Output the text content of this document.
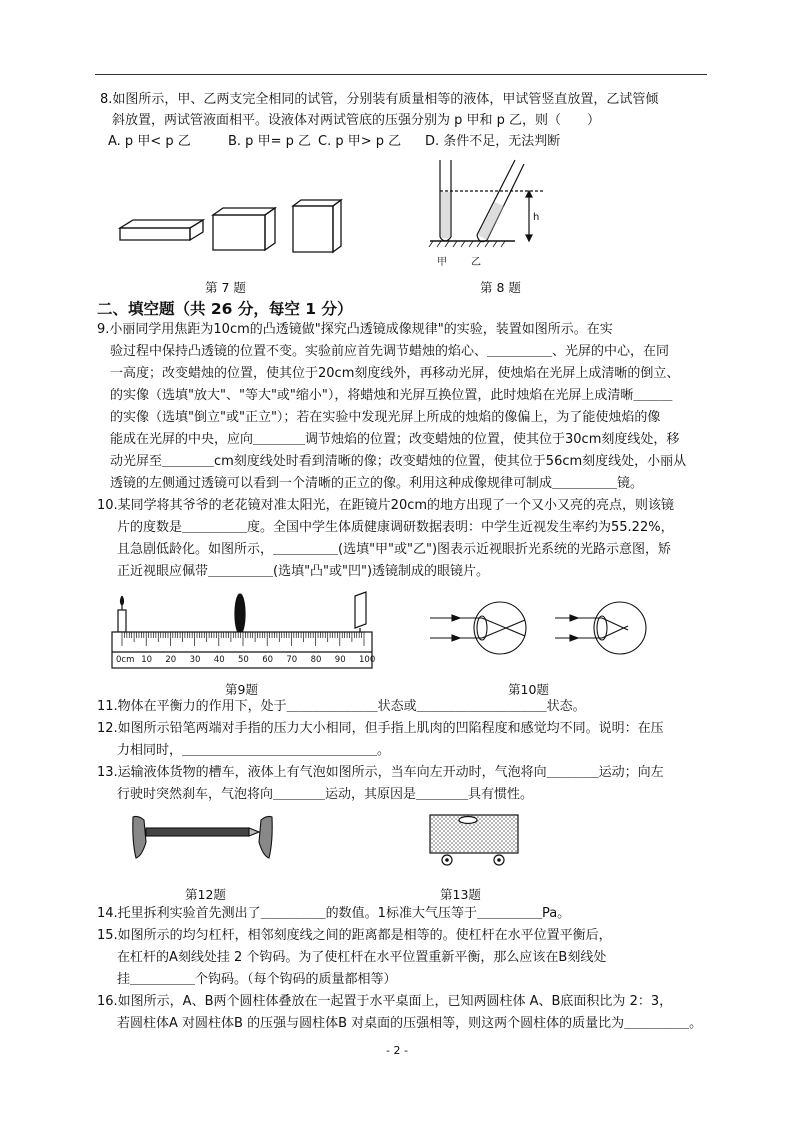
8.如图所示，甲、乙两支完全相同的试管，分别装有质量相等的液体，甲试管竖直放置，乙试管倾
斜放置，两试管液面相平。设液体对两试管底的压强分别为 p 甲和 p 乙，则（　　）
A. p 甲< p 乙	B. p 甲= p 乙 C. p 甲> p 乙 D. 条件不足，无法判断
第 7 题
h
甲 乙
第 8 题
二、填空题（共 26 分，每空 1 分）
9.小丽同学用焦距为10cm的凸透镜做"探究凸透镜成像规律"的实验，装置如图所示。在实
验过程中保持凸透镜的位置不变。实验前应首先调节蜡烛的焰心、＿＿＿＿＿、光屏的中心，在同
一高度；改变蜡烛的位置，使其位于20cm刻度线外，再移动光屏，使烛焰在光屏上成清晰的倒立、
的实像（选填"放大"、"等大"或"缩小"），将蜡烛和光屏互换位置，此时烛焰在光屏上成清晰＿＿＿
的实像（选填"倒立"或"正立"）；若在实验中发现光屏上所成的烛焰的像偏上，为了能使烛焰的像
能成在光屏的中央，应向＿＿＿＿调节烛焰的位置；改变蜡烛的位置，使其位于30cm刻度线处，移
动光屏至＿＿＿＿cm刻度线处时看到清晰的像；改变蜡烛的位置，使其位于56cm刻度线处，小丽从
透镜的左侧通过透镜可以看到一个清晰的正立的像。利用这种成像规律可制成＿＿＿＿＿镜。
10.某同学将其爷爷的老花镜对准太阳光，在距镜片20cm的地方出现了一个又小又亮的亮点，则该镜
片的度数是＿＿＿＿＿度。全国中学生体质健康调研数据表明：中学生近视发生率约为55.22%，
且急剧低龄化。如图所示，＿＿＿＿＿(选填"甲"或"乙")图表示近视眼折光系统的光路示意图，矫
正近视眼应佩带＿＿＿＿＿(选填"凸"或"凹")透镜制成的眼镜片。
0cm 10 20 30 40 50 60 70 80 90 100
第9题	第10题
11.物体在平衡力的作用下，处于＿＿＿＿＿＿＿状态或＿＿＿＿＿＿＿＿＿＿状态。
12.如图所示铅笔两端对手指的压力大小相同，但手指上肌肉的凹陷程度和感觉均不同。说明：在压
力相同时，＿＿＿＿＿＿＿＿＿＿＿＿＿＿＿。
13.运输液体货物的槽车，液体上有气泡如图所示，当车向左开动时，气泡将向＿＿＿＿运动；向左
行驶时突然刹车，气泡将向＿＿＿＿运动，其原因是＿＿＿＿具有惯性。
第12题	第13题
14.托里拆利实验首先测出了＿＿＿＿＿的数值。1标准大气压等于＿＿＿＿＿Pa。
15.如图所示的均匀杠杆，相邻刻度线之间的距离都是相等的。使杠杆在水平位置平衡后，
在杠杆的A刻线处挂 2 个钩码。为了使杠杆在水平位置重新平衡，那么应该在B刻线处
挂＿＿＿＿＿个钩码。（每个钩码的质量都相等）
16.如图所示，A、B两个圆柱体叠放在一起置于水平桌面上，已知两圆柱体 A、B底面积比为 2：3，
若圆柱体A 对圆柱体B 的压强与圆柱体B 对桌面的压强相等，则这两个圆柱体的质量比为＿＿＿＿＿。
- 2 -
